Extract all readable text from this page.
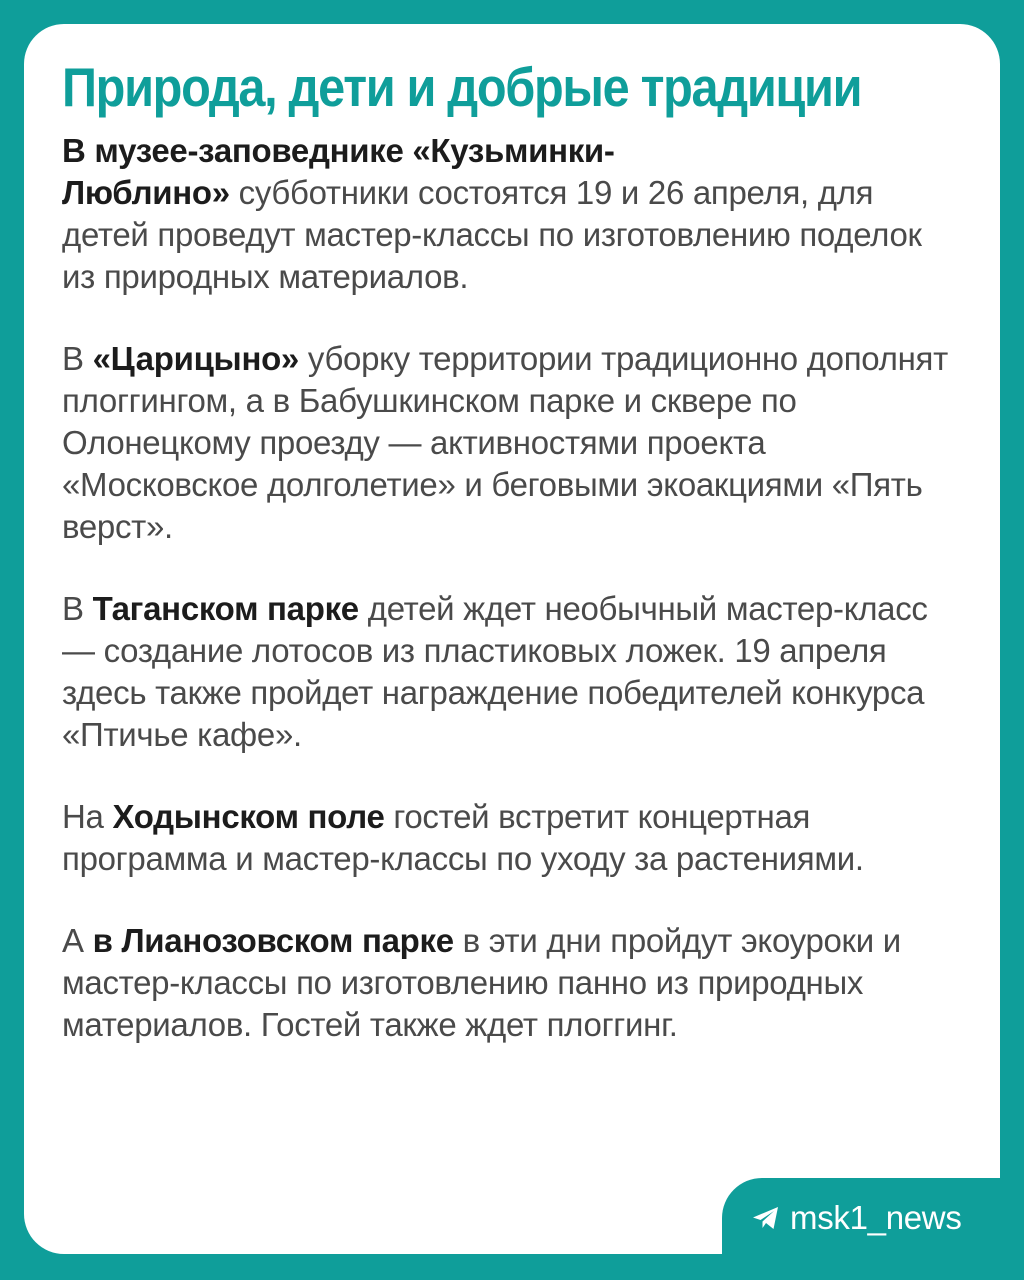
Природа, дети и добрые традиции

В музее-заповеднике «Кузьминки-
Люблино» субботники состоятся 19 и 26 апреля, для детей проведут мастер-классы по изготовлению поделок из природных материалов.

В «Царицыно» уборку территории традиционно дополнят плоггингом, а в Бабушкинском парке и сквере по Олонецкому проезду — активностями проекта «Московское долголетие» и беговыми экоакциями «Пять верст».

В Таганском парке детей ждет необычный мастер-класс — создание лотосов из пластиковых ложек. 19 апреля здесь также пройдет награждение победителей конкурса «Птичье кафе».

На Ходынском поле гостей встретит концертная программа и мастер-классы по уходу за растениями.

А в Лианозовском парке в эти дни пройдут экоуроки и мастер-классы по изготовлению панно из природных материалов. Гостей также ждет плоггинг.

msk1_news
